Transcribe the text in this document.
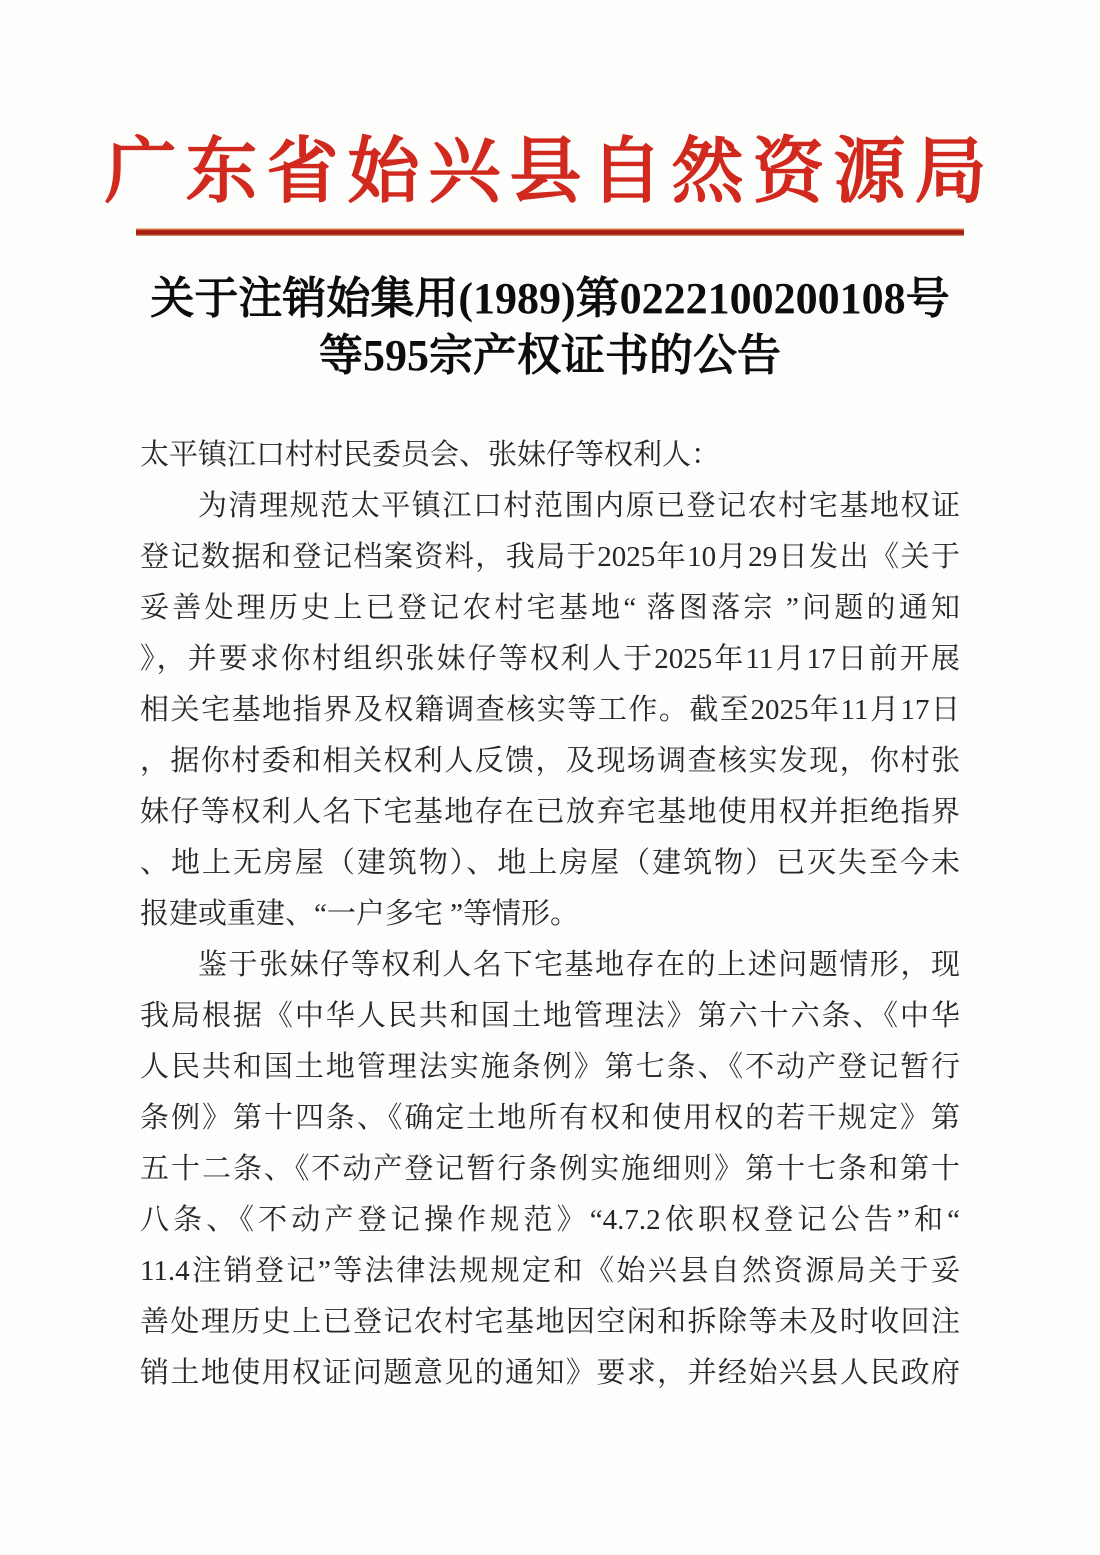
广东省始兴县自然资源局
关于注销始集用(1989)第0222100200108号
等595宗产权证书的公告
太平镇江口村村民委员会、张妹仔等权利人：
为清理规范太平镇江口村范围内原已登记农村宅基地权证
登记数据和登记档案资料，我局于2025年10月29日发出《关于
妥善处理历史上已登记农村宅基地“ 落图落宗 ”问题的通知
》，并要求你村组织张妹仔等权利人于2025年11月17日前开展
相关宅基地指界及权籍调查核实等工作。截至2025年11月17日
，据你村委和相关权利人反馈，及现场调查核实发现，你村张
妹仔等权利人名下宅基地存在已放弃宅基地使用权并拒绝指界
、地上无房屋（建筑物）、地上房屋（建筑物）已灭失至今未
报建或重建、“一户多宅 ”等情形。
鉴于张妹仔等权利人名下宅基地存在的上述问题情形，现
我局根据《中华人民共和国土地管理法》第六十六条、《中华
人民共和国土地管理法实施条例》第七条、《不动产登记暂行
条例》第十四条、《确定土地所有权和使用权的若干规定》第
五十二条、《不动产登记暂行条例实施细则》第十七条和第十
八条、《不动产登记操作规范》“4.7.2依职权登记公告”和“
11.4注销登记”等法律法规规定和《始兴县自然资源局关于妥
善处理历史上已登记农村宅基地因空闲和拆除等未及时收回注
销土地使用权证问题意见的通知》要求，并经始兴县人民政府
